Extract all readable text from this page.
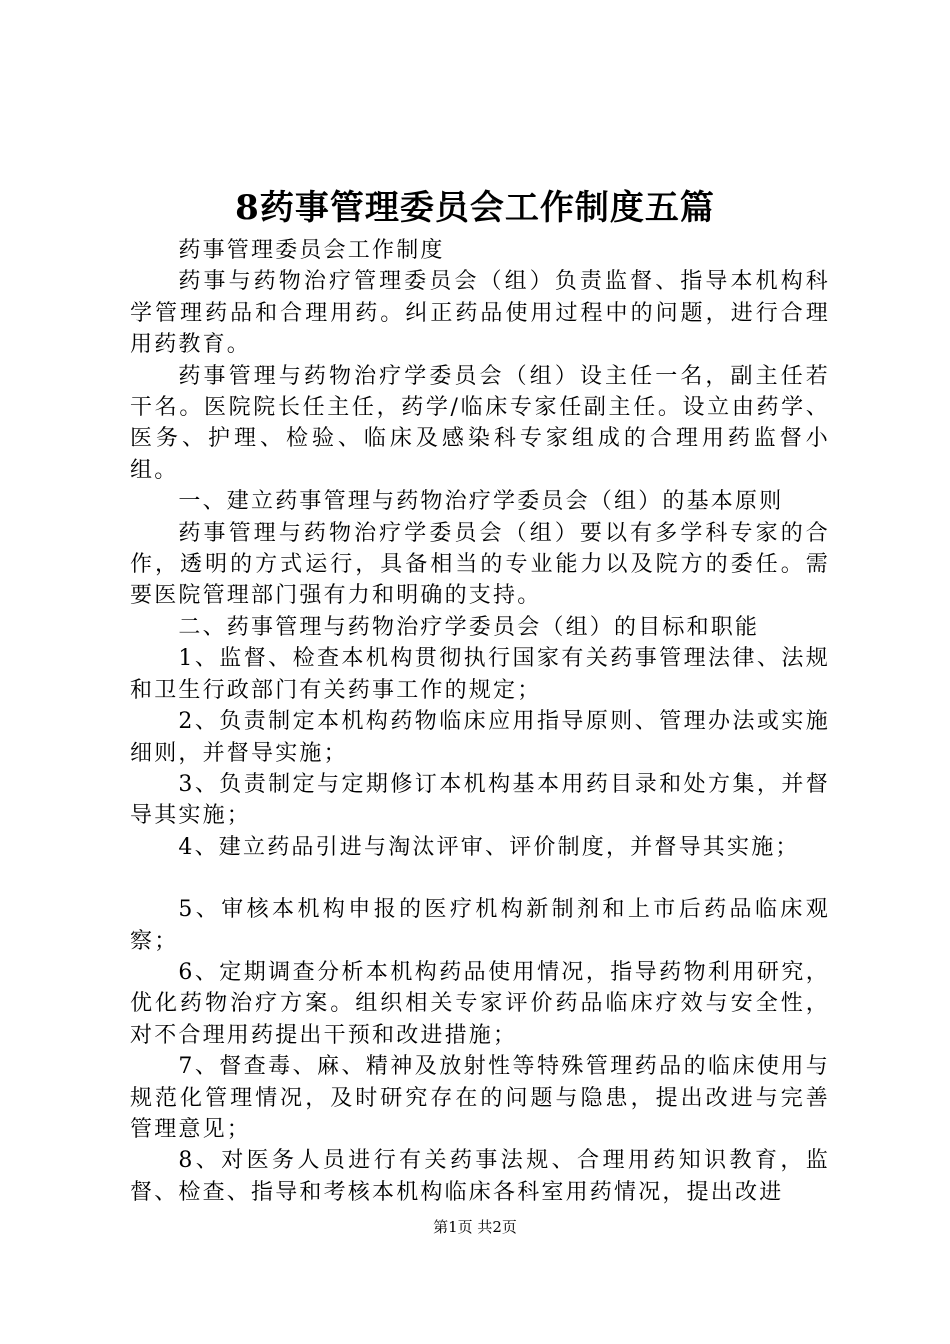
8药事管理委员会工作制度五篇

药事管理委员会工作制度

药事与药物治疗管理委员会（组）负责监督、指导本机构科学管理药品和合理用药。纠正药品使用过程中的问题，进行合理用药教育。

药事管理与药物治疗学委员会（组）设主任一名，副主任若干名。医院院长任主任，药学/临床专家任副主任。设立由药学、医务、护理、检验、临床及感染科专家组成的合理用药监督小组。

一、建立药事管理与药物治疗学委员会（组）的基本原则

药事管理与药物治疗学委员会（组）要以有多学科专家的合作，透明的方式运行，具备相当的专业能力以及院方的委任。需要医院管理部门强有力和明确的支持。

二、药事管理与药物治疗学委员会（组）的目标和职能

1、监督、检查本机构贯彻执行国家有关药事管理法律、法规和卫生行政部门有关药事工作的规定；

2、负责制定本机构药物临床应用指导原则、管理办法或实施细则，并督导实施；

3、负责制定与定期修订本机构基本用药目录和处方集，并督导其实施；

4、建立药品引进与淘汰评审、评价制度，并督导其实施；

5、审核本机构申报的医疗机构新制剂和上市后药品临床观察；

6、定期调查分析本机构药品使用情况，指导药物利用研究，优化药物治疗方案。组织相关专家评价药品临床疗效与安全性，对不合理用药提出干预和改进措施；

7、督查毒、麻、精神及放射性等特殊管理药品的临床使用与规范化管理情况，及时研究存在的问题与隐患，提出改进与完善管理意见；

8、对医务人员进行有关药事法规、合理用药知识教育，监督、检查、指导和考核本机构临床各科室用药情况，提出改进

第1页 共2页
